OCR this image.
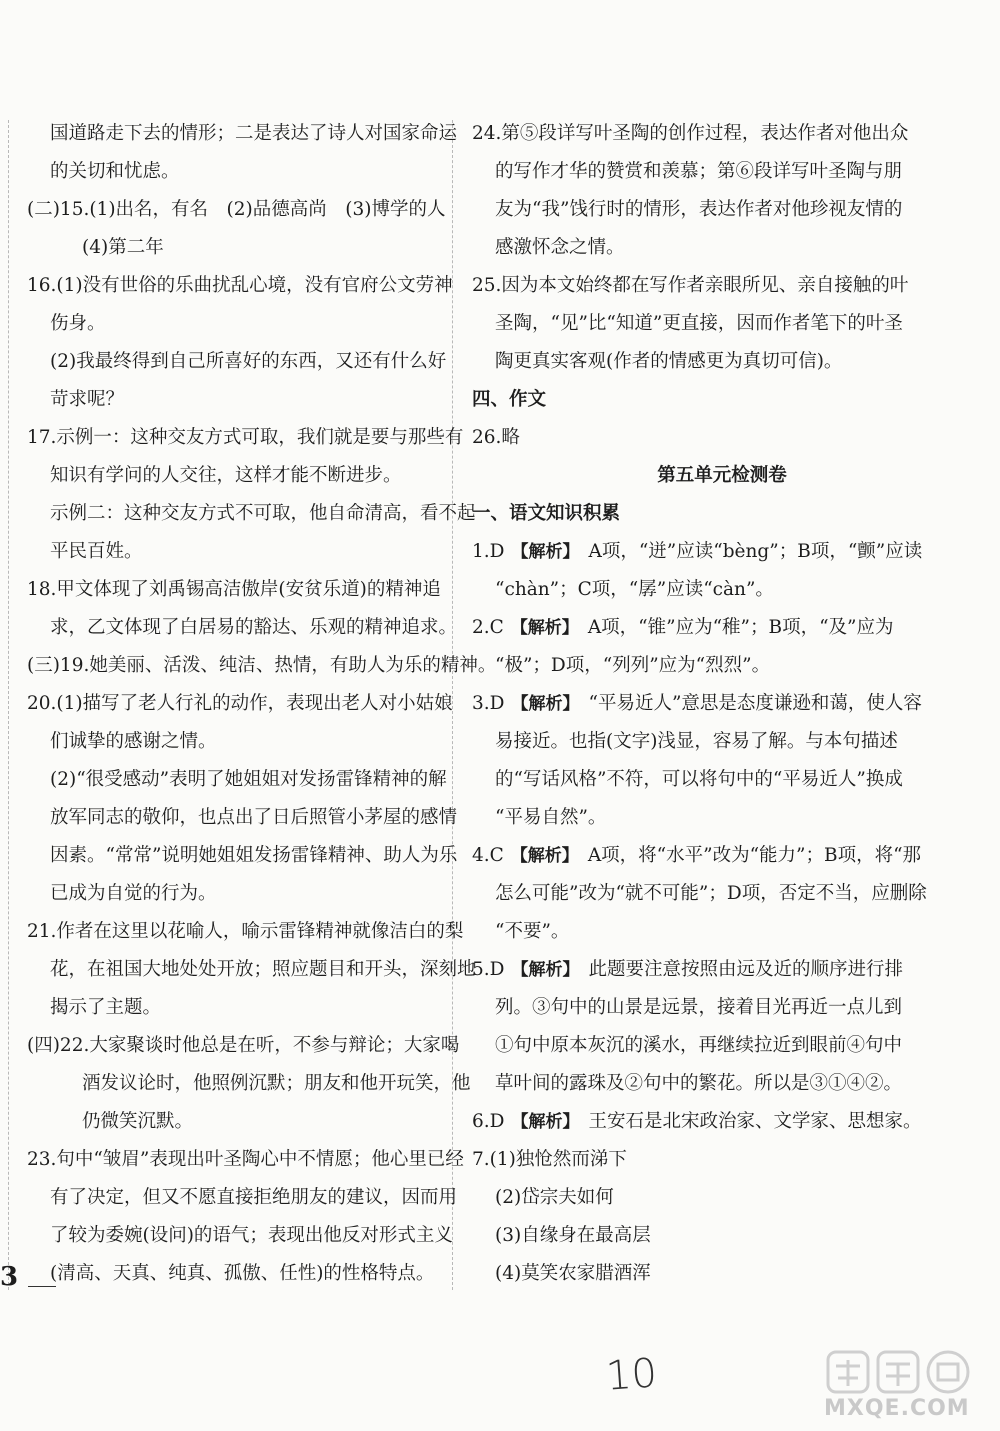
国道路走下去的情形；二是表达了诗人对国家命运
的关切和忧虑。
(二)15.(1)出名，有名　(2)品德高尚　(3)博学的人
(4)第二年
16.(1)没有世俗的乐曲扰乱心境，没有官府公文劳神
伤身。
(2)我最终得到自己所喜好的东西，又还有什么好
苛求呢？
17.示例一：这种交友方式可取，我们就是要与那些有
知识有学问的人交往，这样才能不断进步。
示例二：这种交友方式不可取，他自命清高，看不起
平民百姓。
18.甲文体现了刘禹锡高洁傲岸(安贫乐道)的精神追
求，乙文体现了白居易的豁达、乐观的精神追求。
(三)19.她美丽、活泼、纯洁、热情，有助人为乐的精神。
20.(1)描写了老人行礼的动作，表现出老人对小姑娘
们诚挚的感谢之情。
(2)“很受感动”表明了她姐姐对发扬雷锋精神的解
放军同志的敬仰，也点出了日后照管小茅屋的感情
因素。“常常”说明她姐姐发扬雷锋精神、助人为乐
已成为自觉的行为。
21.作者在这里以花喻人，喻示雷锋精神就像洁白的梨
花，在祖国大地处处开放；照应题目和开头，深刻地
揭示了主题。
(四)22.大家聚谈时他总是在听，不参与辩论；大家喝
酒发议论时，他照例沉默；朋友和他开玩笑，他
仍微笑沉默。
23.句中“皱眉”表现出叶圣陶心中不情愿；他心里已经
有了决定，但又不愿直接拒绝朋友的建议，因而用
了较为委婉(设问)的语气；表现出他反对形式主义
(清高、天真、纯真、孤傲、任性)的性格特点。
24.第⑤段详写叶圣陶的创作过程，表达作者对他出众
的写作才华的赞赏和羡慕；第⑥段详写叶圣陶与朋
友为“我”饯行时的情形，表达作者对他珍视友情的
感激怀念之情。
25.因为本文始终都在写作者亲眼所见、亲自接触的叶
圣陶，“见”比“知道”更直接，因而作者笔下的叶圣
陶更真实客观(作者的情感更为真切可信)。
四、作文
26.略
第五单元检测卷
一、语文知识积累
1.D 【解析】 A项，“迸”应读“bèng”；B项，“颤”应读
“chàn”；C项，“孱”应读“càn”。
2.C 【解析】 A项，“锥”应为“稚”；B项，“及”应为
“极”；D项，“列列”应为“烈烈”。
3.D 【解析】 “平易近人”意思是态度谦逊和蔼，使人容
易接近。也指(文字)浅显，容易了解。与本句描述
的“写话风格”不符，可以将句中的“平易近人”换成
“平易自然”。
4.C 【解析】 A项，将“水平”改为“能力”；B项，将“那
怎么可能”改为“就不可能”；D项，否定不当，应删除
“不要”。
5.D 【解析】 此题要注意按照由远及近的顺序进行排
列。③句中的山景是远景，接着目光再近一点儿到
①句中原本灰沉的溪水，再继续拉近到眼前④句中
草叶间的露珠及②句中的繁花。所以是③①④②。
6.D 【解析】 王安石是北宋政治家、文学家、思想家。
7.(1)独怆然而涕下
(2)岱宗夫如何
(3)自缘身在最高层
(4)莫笑农家腊酒浑
3
10
MXQE.COM
